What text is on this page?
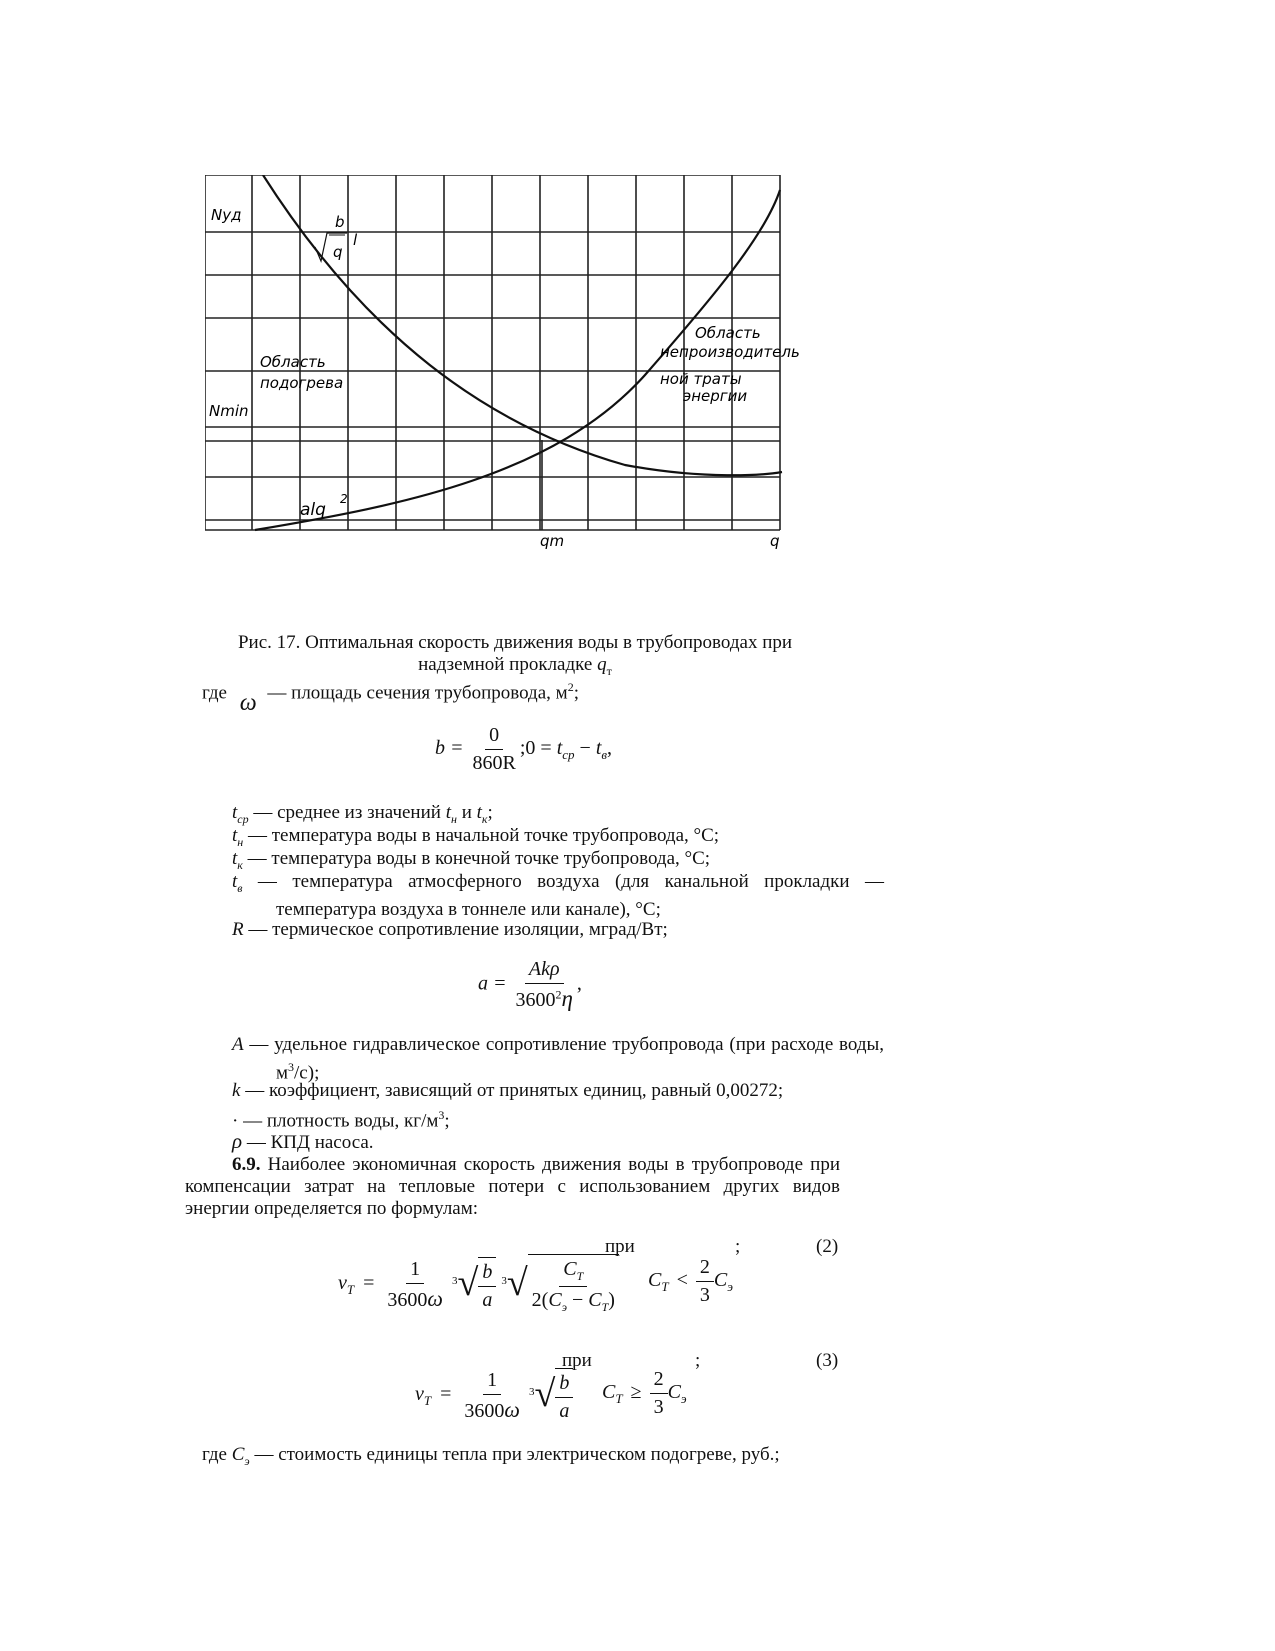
Nуд
Nmin
qm	q
b
q
l
alq
2
Область
подогрева
Область
непроизводитель
ной траты
энергии
Рис. 17. Оптимальная скорость движения воды в трубопроводах при
надземной прокладке $q_т$
где ω — площадь сечения трубопровода, $м^2$;
$b = \frac{0}{860R}$ ;0 = $t_{ср} - t_в$,
$t_{ср}$ — среднее из значений $t_н$ и $t_к$;
$t_н$ — температура воды в начальной точке трубопровода, °С;
$t_к$ — температура воды в конечной точке трубопровода, °С;
$t_в$ — температура атмосферного воздуха (для канальной прокладки — температура воздуха в тоннеле или канале), °С;
R — термическое сопротивление изоляции, мград/Вт;
$a = \frac{\text{Akρ}}{3600^2\eta}$ ,
A — удельное гидравлическое сопротивление трубопровода (при расходе воды, $м^3/с$);
k — коэффициент, зависящий от принятых единиц, равный 0,00272;
· — плотность воды, $кг/м^3$;
ρ — КПД насоса.
6.9. Наиболее экономичная скорость движения воды в трубопроводе при компенсации затрат на тепловые потери с использованием других видов энергии определяется по формулам:
при	;	(2)
$v_T = \frac{1}{3600\omega}$
$^3$ √ $\frac{b}{a}$
$^3$ √ $\frac{C_T}{2(C_э - C_T)} C_T < \frac{2}{3} C_э$
при	;	(3)
$v_T = \frac{1}{3600\omega}$
$^3$ √ $\frac{b}{a} C_T \ge \frac{2}{3} C_э$
где $C_э$ — стоимость единицы тепла при электрическом подогреве, руб.;
